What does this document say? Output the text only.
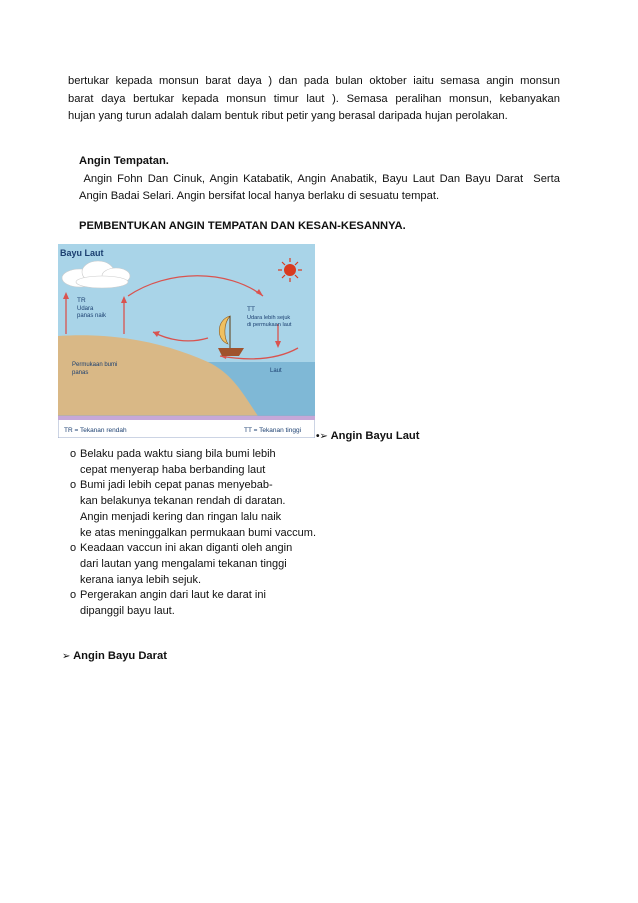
bertukar kepada monsun barat daya ) dan pada bulan oktober iaitu semasa angin monsun
barat daya bertukar kepada monsun timur laut ). Semasa peralihan monsun, kebanyakan
hujan yang turun adalah dalam bentuk ribut petir yang berasal daripada hujan perolakan.
Angin Tempatan.
Angin Fohn Dan Cinuk, Angin Katabatik, Angin Anabatik, Bayu Laut Dan Bayu Darat  Serta
Angin Badai Selari. Angin bersifat local hanya berlaku di sesuatu tempat.
PEMBENTUKAN ANGIN TEMPATAN DAN KESAN-KESANNYA.
Bayu Laut
TR
Udara
panas naik
TT
Udara lebih sejuk
di permukaan laut
Permukaan bumi
panas	Laut
TR = Tekanan rendah	TT = Tekanan tinggi
•➢ Angin Bayu Laut
o Belaku pada waktu siang bila bumi lebih
cepat menyerap haba berbanding laut
o Bumi jadi lebih cepat panas menyebab-
kan belakunya tekanan rendah di daratan.
Angin menjadi kering dan ringan lalu naik
ke atas meninggalkan permukaan bumi vaccum.
o Keadaan vaccun ini akan diganti oleh angin
dari lautan yang mengalami tekanan tinggi
kerana ianya lebih sejuk.
o Pergerakan angin dari laut ke darat ini
dipanggil bayu laut.
➢ Angin Bayu Darat
